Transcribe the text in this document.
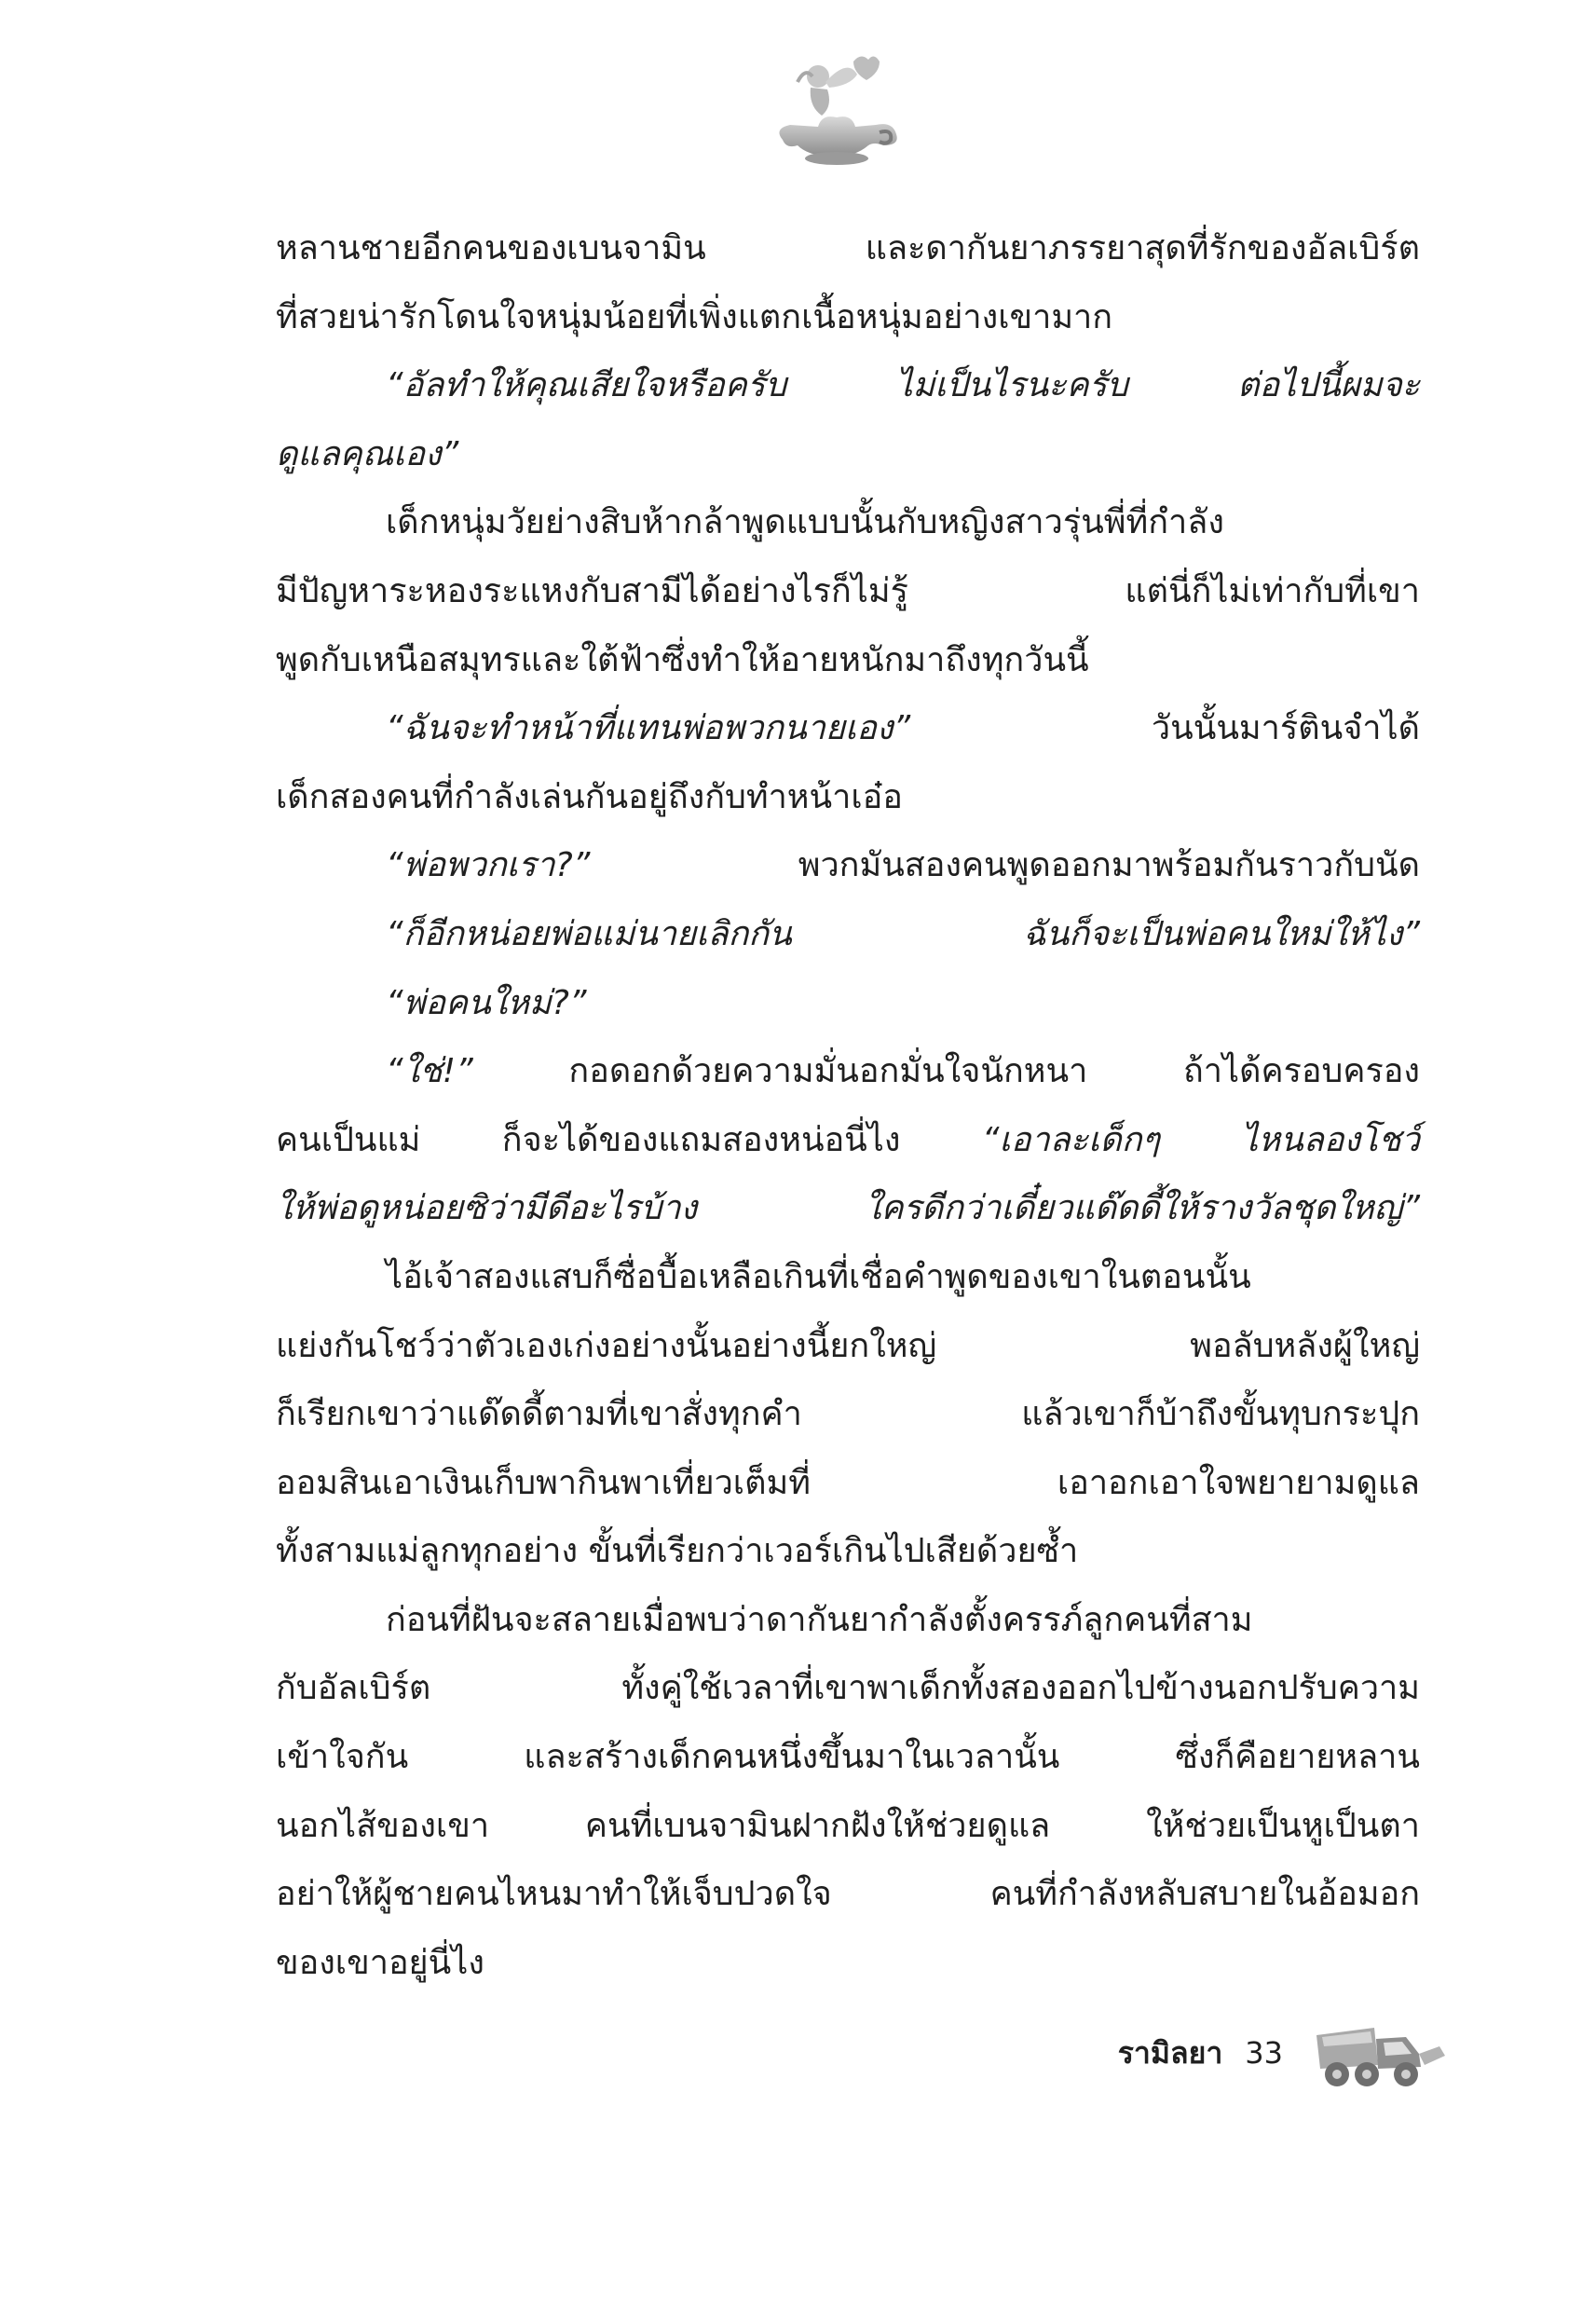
หลานชายอีกคนของเบนจามิน และดากันยาภรรยาสุดที่รักของอัลเบิร์ต
ที่สวยน่ารักโดนใจหนุ่มน้อยที่เพิ่งแตกเนื้อหนุ่มอย่างเขามาก
“อัลทำให้คุณเสียใจหรือครับ ไม่เป็นไรนะครับ ต่อไปนี้ผมจะ
ดูแลคุณเอง”
เด็กหนุ่มวัยย่างสิบห้ากล้าพูดแบบนั้นกับหญิงสาวรุ่นพี่ที่กำลัง
มีปัญหาระหองระแหงกับสามีได้อย่างไรก็ไม่รู้ แต่นี่ก็ไม่เท่ากับที่เขา
พูดกับเหนือสมุทรและใต้ฟ้าซึ่งทำให้อายหนักมาถึงทุกวันนี้
“ฉันจะทำหน้าที่แทนพ่อพวกนายเอง” วันนั้นมาร์ตินจำได้
เด็กสองคนที่กำลังเล่นกันอยู่ถึงกับทำหน้าเอ๋อ
“พ่อพวกเรา?” พวกมันสองคนพูดออกมาพร้อมกันราวกับนัด
“ก็อีกหน่อยพ่อแม่นายเลิกกัน ฉันก็จะเป็นพ่อคนใหม่ให้ไง”
“พ่อคนใหม่?”
“ใช่!” กอดอกด้วยความมั่นอกมั่นใจนักหนา ถ้าได้ครอบครอง
คนเป็นแม่ ก็จะได้ของแถมสองหน่อนี่ไง “เอาละเด็กๆ ไหนลองโชว์
ให้พ่อดูหน่อยซิว่ามีดีอะไรบ้าง ใครดีกว่าเดี๋ยวแด๊ดดี้ให้รางวัลชุดใหญ่”
ไอ้เจ้าสองแสบก็ซื่อบื้อเหลือเกินที่เชื่อคำพูดของเขาในตอนนั้น
แย่งกันโชว์ว่าตัวเองเก่งอย่างนั้นอย่างนี้ยกใหญ่ พอลับหลังผู้ใหญ่
ก็เรียกเขาว่าแด๊ดดี้ตามที่เขาสั่งทุกคำ แล้วเขาก็บ้าถึงขั้นทุบกระปุก
ออมสินเอาเงินเก็บพากินพาเที่ยวเต็มที่ เอาอกเอาใจพยายามดูแล
ทั้งสามแม่ลูกทุกอย่าง ขั้นที่เรียกว่าเวอร์เกินไปเสียด้วยซ้ำ
ก่อนที่ฝันจะสลายเมื่อพบว่าดากันยากำลังตั้งครรภ์ลูกคนที่สาม
กับอัลเบิร์ต ทั้งคู่ใช้เวลาที่เขาพาเด็กทั้งสองออกไปข้างนอกปรับความ
เข้าใจกัน และสร้างเด็กคนหนึ่งขึ้นมาในเวลานั้น ซึ่งก็คือยายหลาน
นอกไส้ของเขา คนที่เบนจามินฝากฝังให้ช่วยดูแล ให้ช่วยเป็นหูเป็นตา
อย่าให้ผู้ชายคนไหนมาทำให้เจ็บปวดใจ คนที่กำลังหลับสบายในอ้อมอก
ของเขาอยู่นี่ไง
รามิลยา 33
